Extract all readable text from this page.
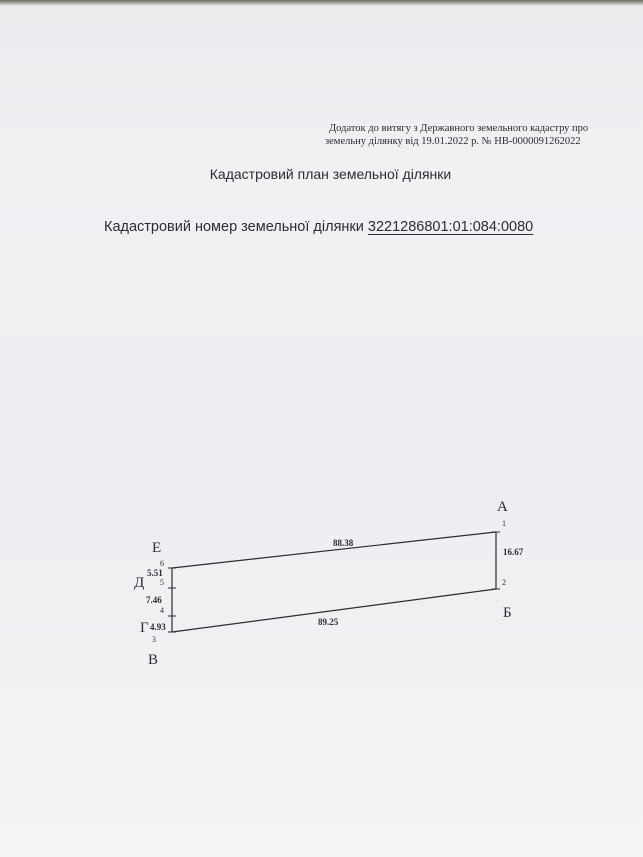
Додаток до витягу з Державного земельного кадастру про
земельну ділянку від 19.01.2022 р. № НВ-0000091262022
Кадастровий план земельної ділянки
Кадастровий номер земельної ділянки 3221286801:01:084:0080
А
Б
В
Г
Д
Е
1
2
3
4
5
6
88.38
16.67
89.25
5.51
7.46
4.93
